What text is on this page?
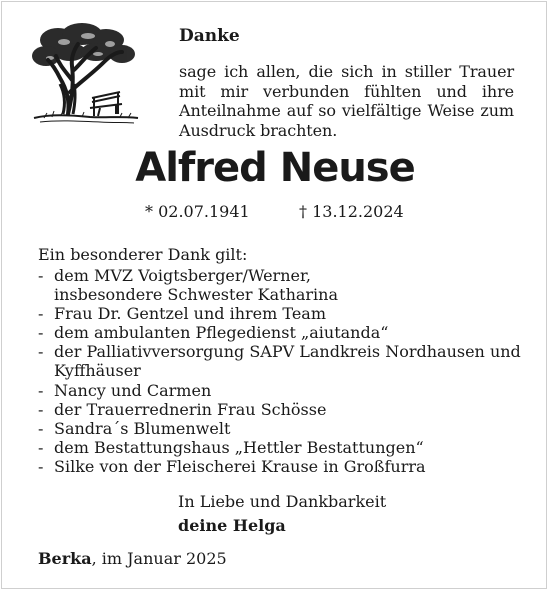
Danke

sage ich allen, die sich in stiller Trauer mit mir verbunden fühlten und ihre Anteilnahme auf so vielfältige Weise zum Ausdruck brachten.

Alfred Neuse
* 02.07.1941	† 13.12.2024

Ein besonderer Dank gilt:

- dem MVZ Voigtsberger/Werner, insbesondere Schwester Katharina
- Frau Dr. Gentzel und ihrem Team
- dem ambulanten Pflegedienst „aiutanda“
- der Palliativversorgung SAPV Landkreis Nordhausen und Kyffhäuser
- Nancy und Carmen
- der Trauerrednerin Frau Schösse
- Sandra´s Blumenwelt
- dem Bestattungshaus „Hettler Bestattungen“
- Silke von der Fleischerei Krause in Großfurra

In Liebe und Dankbarkeit

deine Helga

Berka, im Januar 2025
